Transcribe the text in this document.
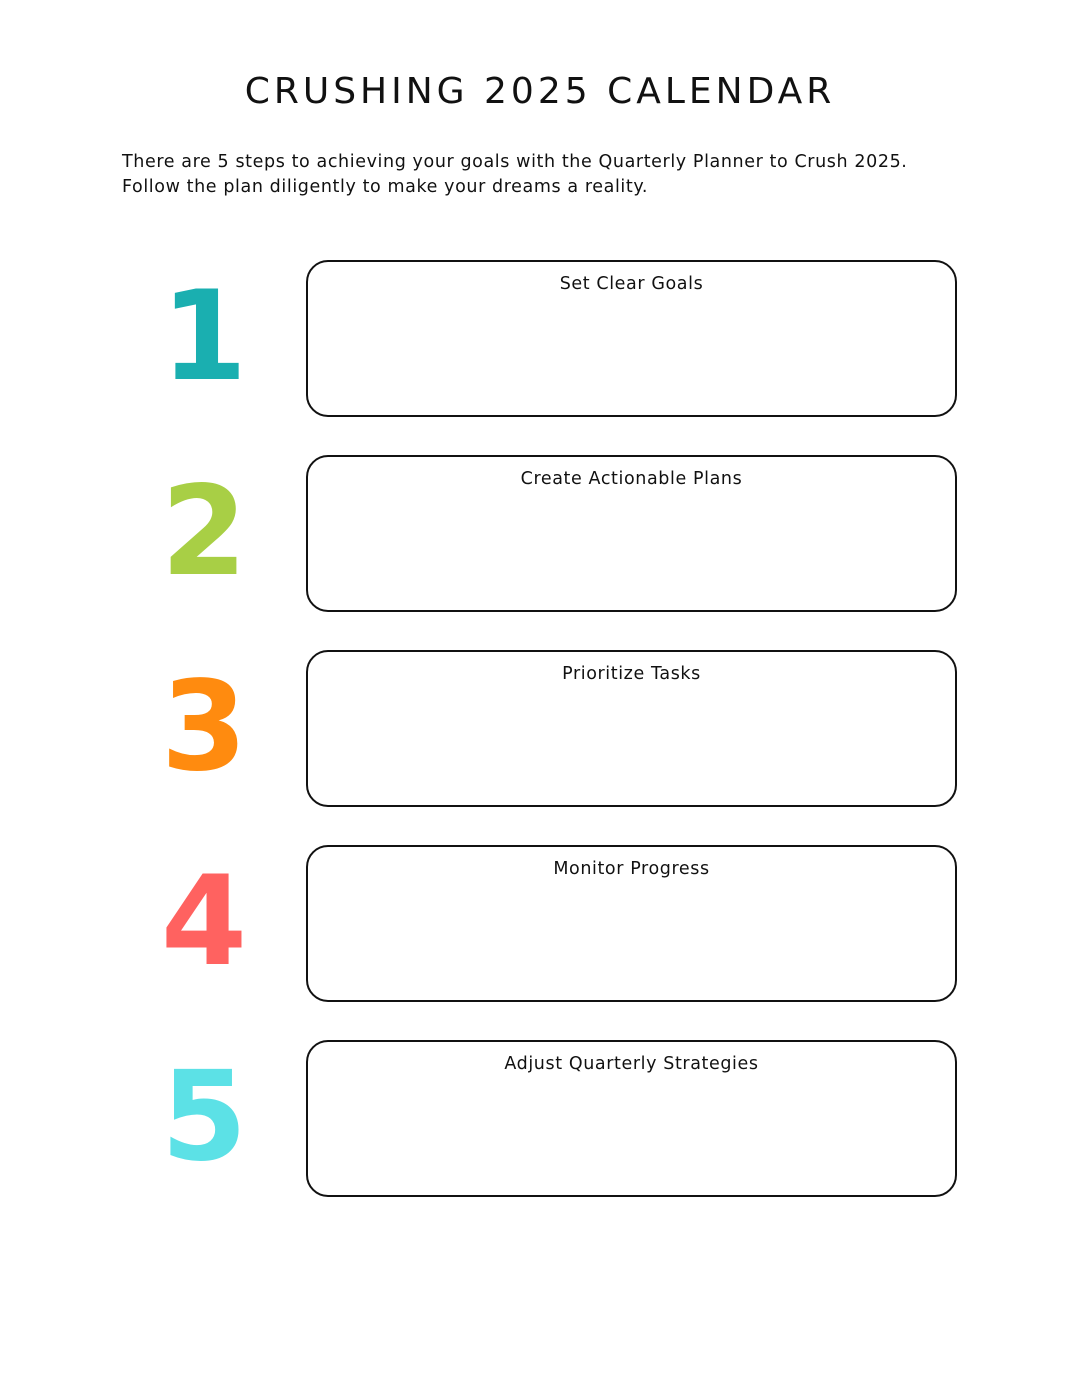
CRUSHING 2025 CALENDAR

There are 5 steps to achieving your goals with the Quarterly Planner to Crush 2025.
Follow the plan diligently to make your dreams a reality.

1	Set Clear Goals
2	Create Actionable Plans
3	Prioritize Tasks
4	Monitor Progress
5	Adjust Quarterly Strategies
